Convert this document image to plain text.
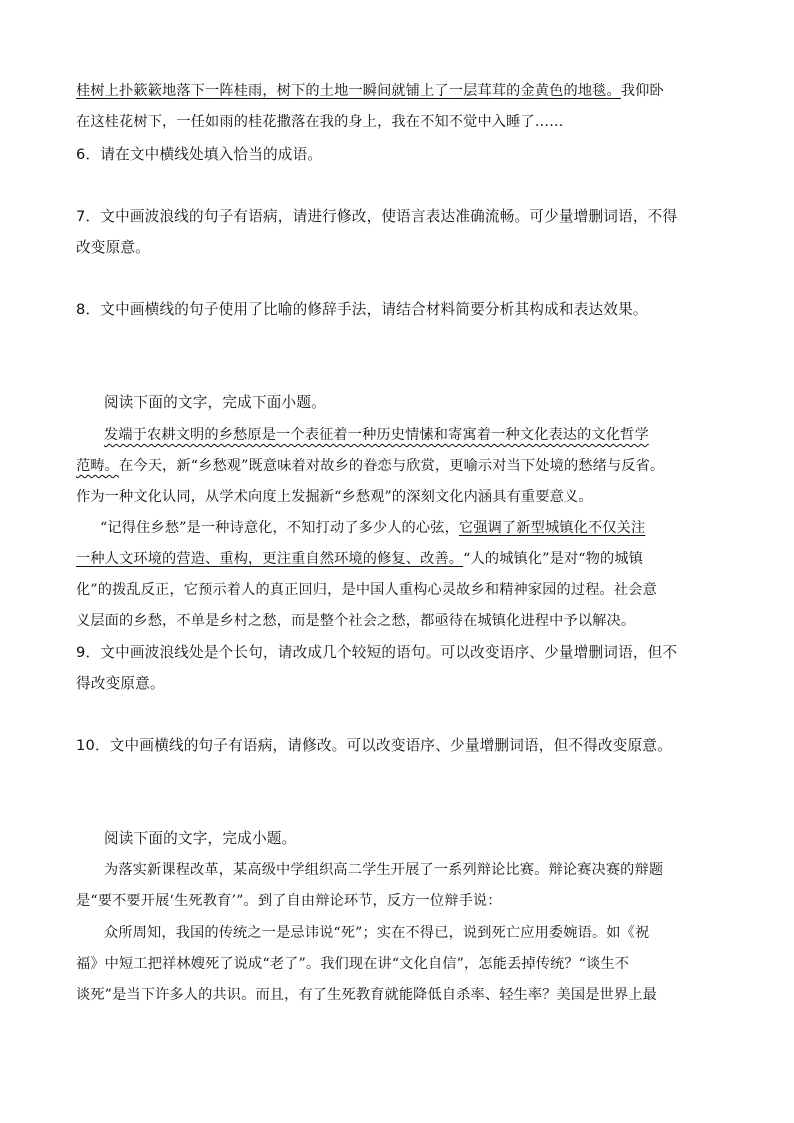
桂树上扑簌簌地落下一阵桂雨，树下的土地一瞬间就铺上了一层茸茸的金黄色的地毯。我仰卧
在这桂花树下，一任如雨的桂花撒落在我的身上，我在不知不觉中入睡了……
6．请在文中横线处填入恰当的成语。
7．文中画波浪线的句子有语病，请进行修改，使语言表达准确流畅。可少量增删词语，不得
改变原意。
8．文中画横线的句子使用了比喻的修辞手法，请结合材料简要分析其构成和表达效果。
阅读下面的文字，完成下面小题。
发端于农耕文明的乡愁原是一个表征着一种历史情愫和寄寓着一种文化表达的文化哲学
范畴。在今天，新“乡愁观”既意味着对故乡的眷恋与欣赏，更喻示对当下处境的愁绪与反省。
作为一种文化认同，从学术向度上发掘新“乡愁观”的深刻文化内涵具有重要意义。
“记得住乡愁”是一种诗意化，不知打动了多少人的心弦，它强调了新型城镇化不仅关注
一种人文环境的营造、重构，更注重自然环境的修复、改善。“人的城镇化”是对“物的城镇
化”的拨乱反正，它预示着人的真正回归，是中国人重构心灵故乡和精神家园的过程。社会意
义层面的乡愁，不单是乡村之愁，而是整个社会之愁，都亟待在城镇化进程中予以解决。
9．文中画波浪线处是个长句，请改成几个较短的语句。可以改变语序、少量增删词语，但不
得改变原意。
10．文中画横线的句子有语病，请修改。可以改变语序、少量增删词语，但不得改变原意。
阅读下面的文字，完成小题。
为落实新课程改革，某高级中学组织高二学生开展了一系列辩论比赛。辩论赛决赛的辩题
是“要不要开展‘生死教育’”。到了自由辩论环节，反方一位辩手说：
众所周知，我国的传统之一是忌讳说“死”；实在不得已，说到死亡应用委婉语。如《祝
福》中短工把祥林嫂死了说成“老了”。我们现在讲“文化自信”，怎能丢掉传统？“谈生不
谈死”是当下许多人的共识。而且，有了生死教育就能降低自杀率、轻生率？美国是世界上最
